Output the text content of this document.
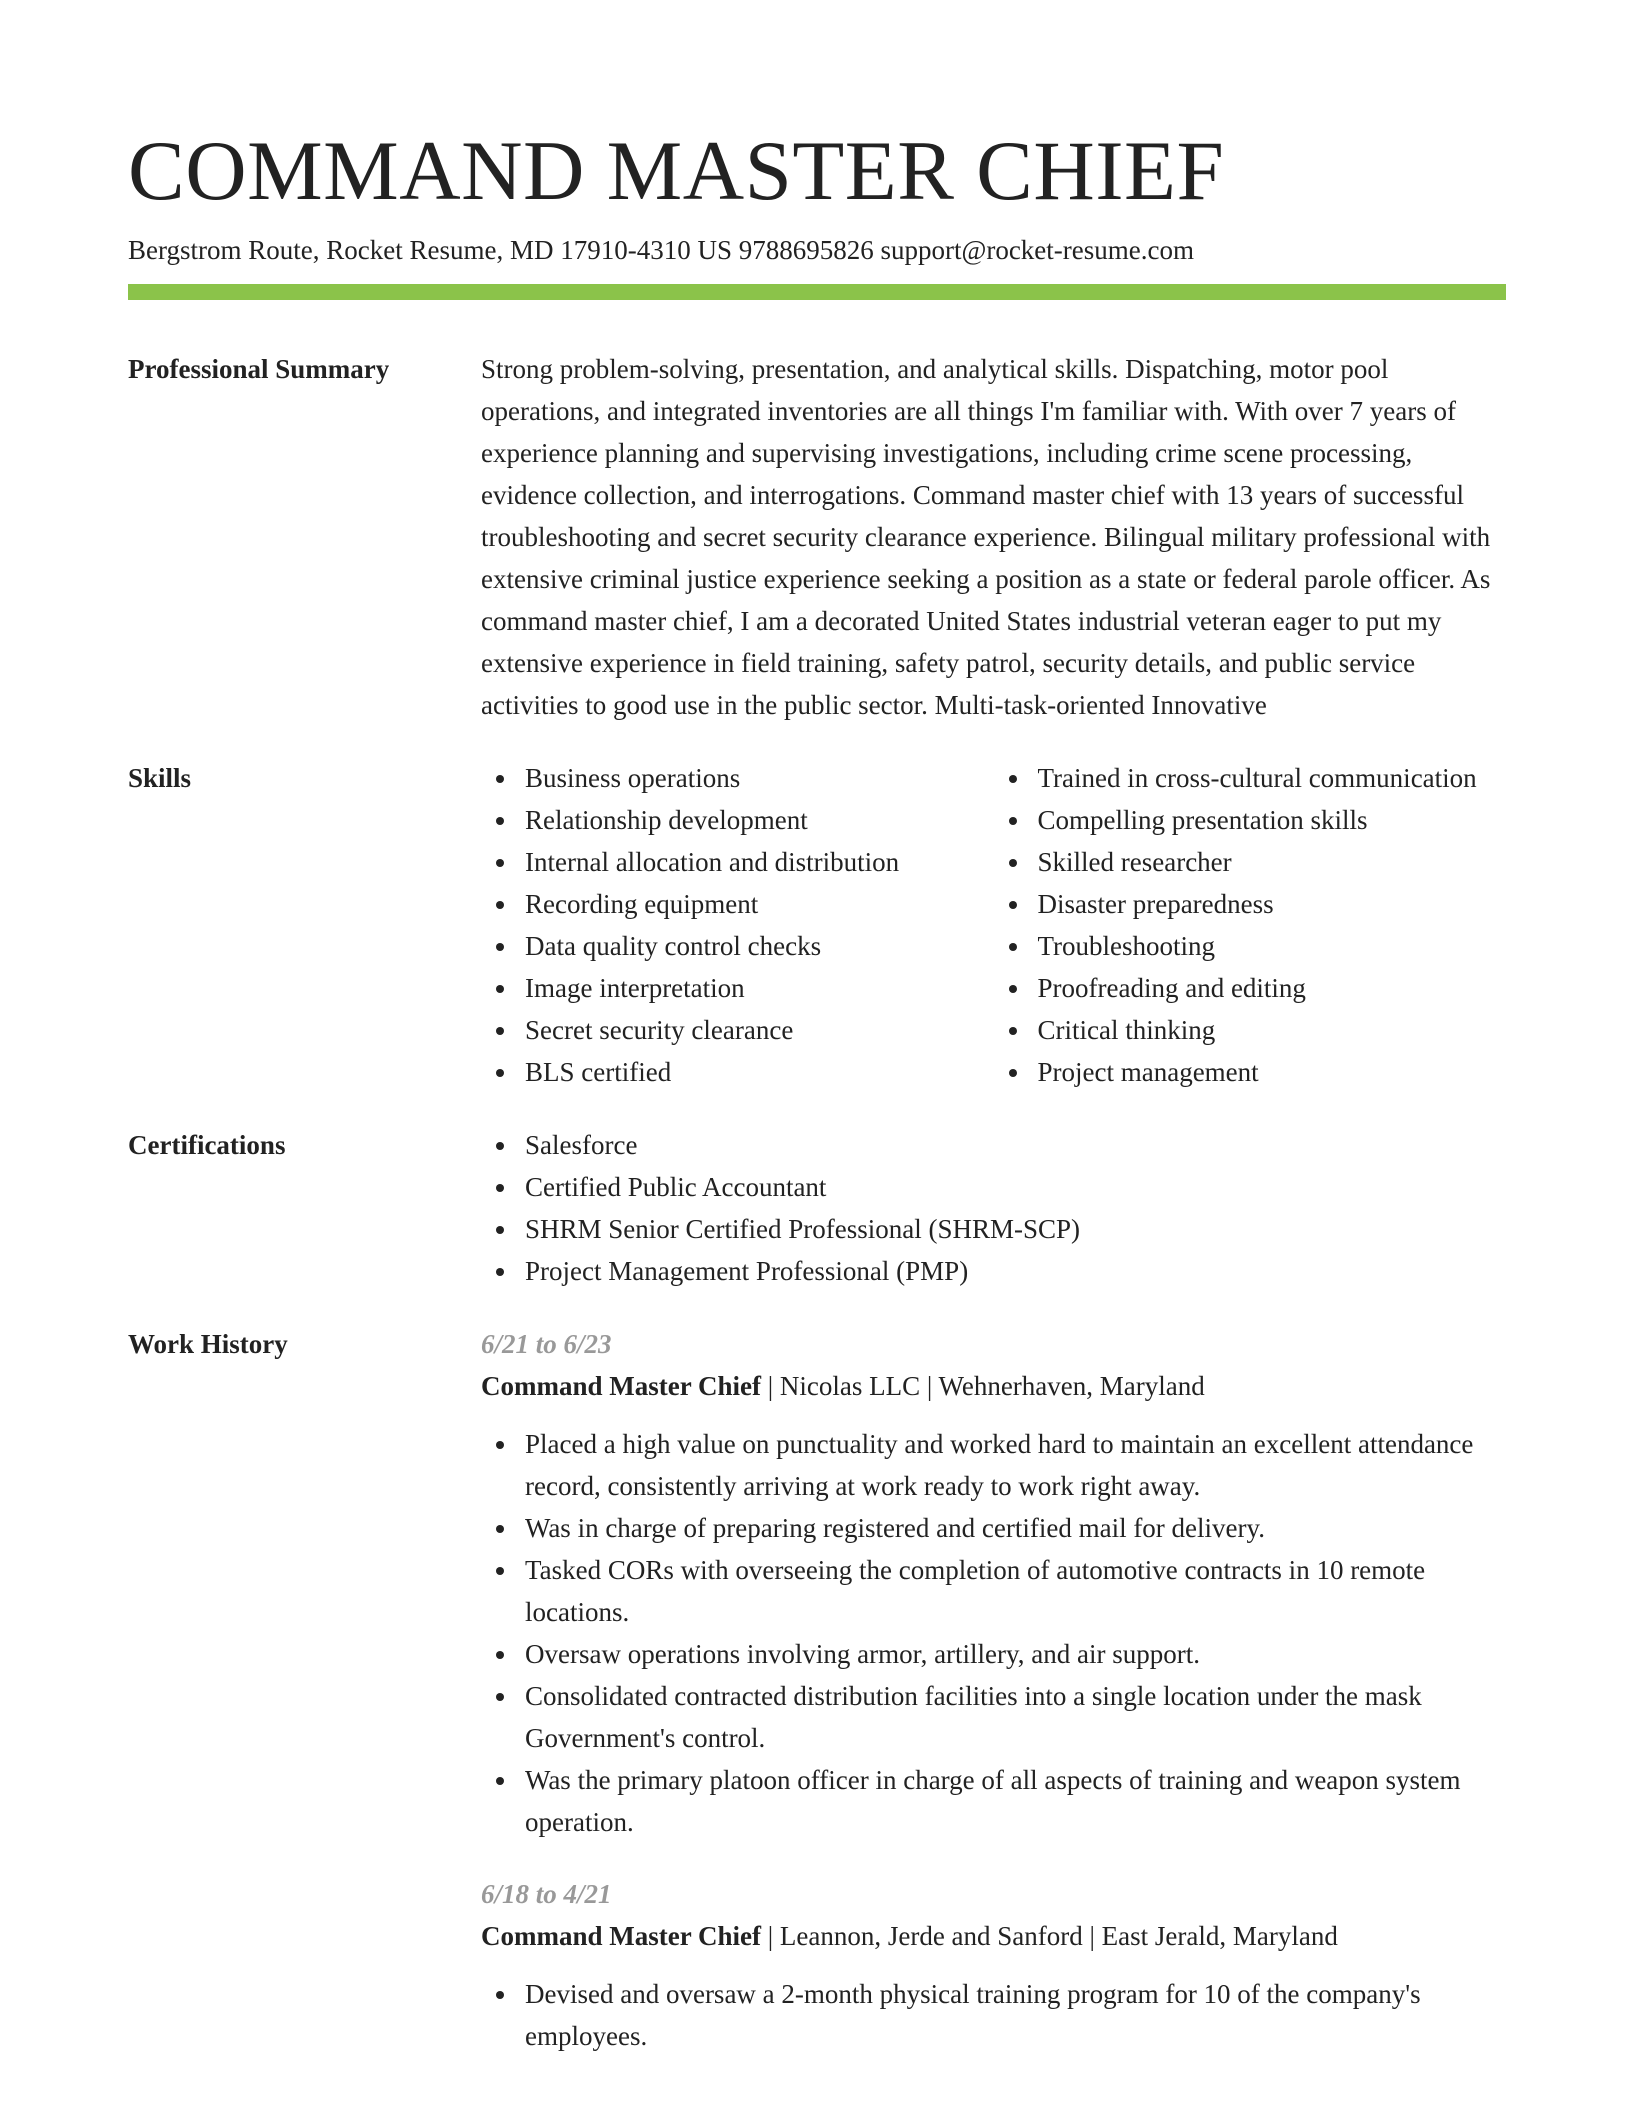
COMMAND MASTER CHIEF
Bergstrom Route, Rocket Resume, MD 17910-4310 US 9788695826 support@rocket-resume.com
Professional Summary	Strong problem-solving, presentation, and analytical skills. Dispatching, motor pool operations, and integrated inventories are all things I'm familiar with. With over 7 years of experience planning and supervising investigations, including crime scene processing, evidence collection, and interrogations. Command master chief with 13 years of successful troubleshooting and secret security clearance experience. Bilingual military professional with extensive criminal justice experience seeking a position as a state or federal parole officer. As command master chief, I am a decorated United States industrial veteran eager to put my extensive experience in field training, safety patrol, security details, and public service activities to good use in the public sector. Multi-task-oriented Innovative

Skills	Business operations
Relationship development
Internal allocation and distribution
Recording equipment
Data quality control checks
Image interpretation
Secret security clearance
BLS certified
Trained in cross-cultural communication
Compelling presentation skills
Skilled researcher
Disaster preparedness
Troubleshooting
Proofreading and editing
Critical thinking
Project management
Certifications	Salesforce
Certified Public Accountant
SHRM Senior Certified Professional (SHRM-SCP)
Project Management Professional (PMP)
Work History	6/21 to 6/23
Command Master Chief | Nicolas LLC | Wehnerhaven, Maryland
Placed a high value on punctuality and worked hard to maintain an excellent attendance record, consistently arriving at work ready to work right away.
Was in charge of preparing registered and certified mail for delivery.
Tasked CORs with overseeing the completion of automotive contracts in 10 remote locations.
Oversaw operations involving armor, artillery, and air support.
Consolidated contracted distribution facilities into a single location under the mask Government's control.
Was the primary platoon officer in charge of all aspects of training and weapon system operation.
6/18 to 4/21
Command Master Chief | Leannon, Jerde and Sanford | East Jerald, Maryland
Devised and oversaw a 2-month physical training program for 10 of the company's employees.
